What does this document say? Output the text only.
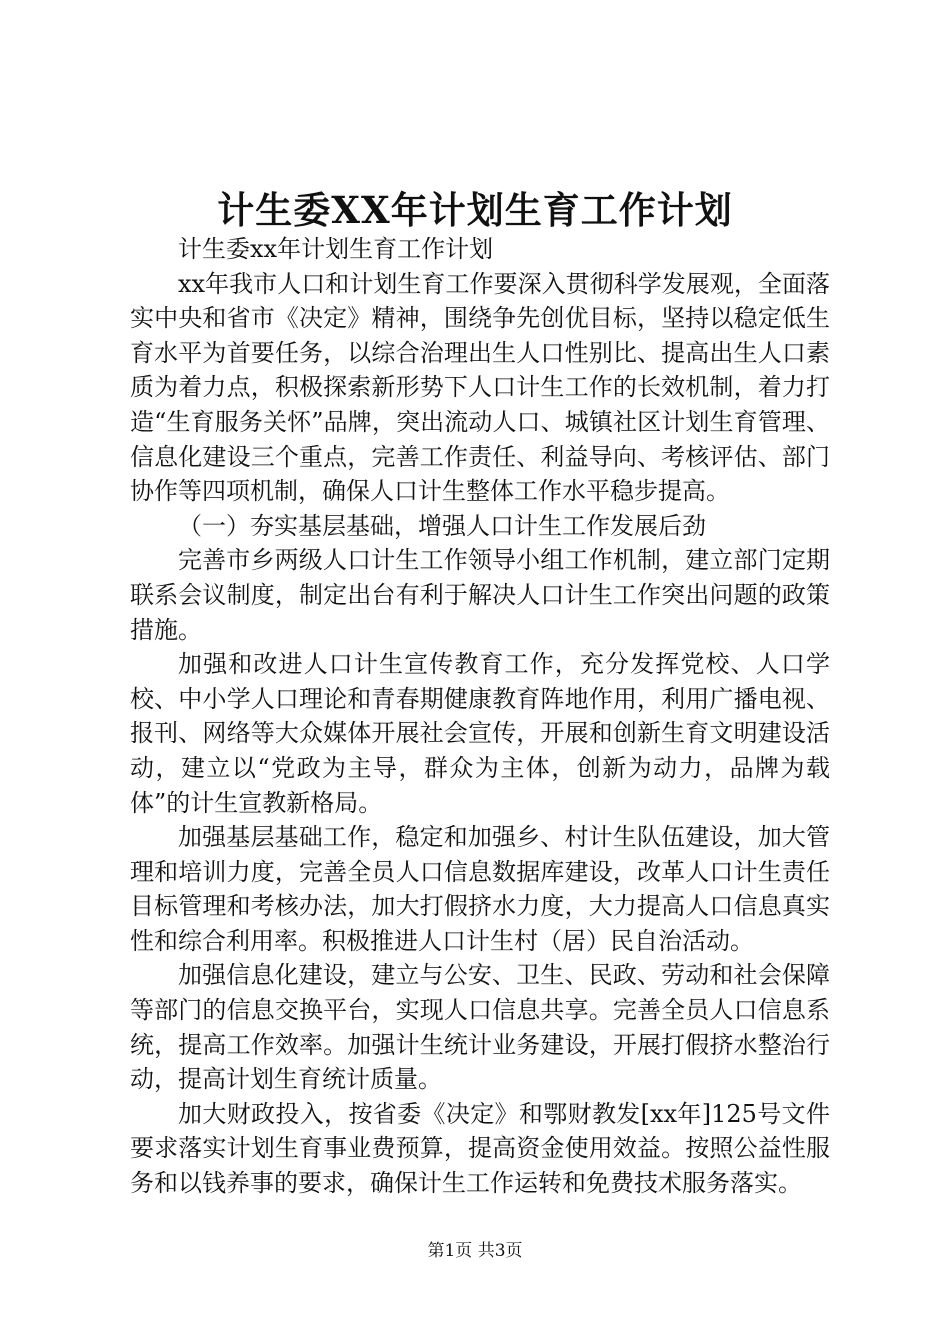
计生委XX年计划生育工作计划

计生委xx年计划生育工作计划

xx年我市人口和计划生育工作要深入贯彻科学发展观，全面落实中央和省市《决定》精神，围绕争先创优目标，坚持以稳定低生育水平为首要任务，以综合治理出生人口性别比、提高出生人口素质为着力点，积极探索新形势下人口计生工作的长效机制，着力打造“生育服务关怀”品牌，突出流动人口、城镇社区计划生育管理、信息化建设三个重点，完善工作责任、利益导向、考核评估、部门协作等四项机制，确保人口计生整体工作水平稳步提高。

（一）夯实基层基础，增强人口计生工作发展后劲

完善市乡两级人口计生工作领导小组工作机制，建立部门定期联系会议制度，制定出台有利于解决人口计生工作突出问题的政策措施。

加强和改进人口计生宣传教育工作，充分发挥党校、人口学校、中小学人口理论和青春期健康教育阵地作用，利用广播电视、报刊、网络等大众媒体开展社会宣传，开展和创新生育文明建设活动，建立以“党政为主导，群众为主体，创新为动力，品牌为载体”的计生宣教新格局。

加强基层基础工作，稳定和加强乡、村计生队伍建设，加大管理和培训力度，完善全员人口信息数据库建设，改革人口计生责任目标管理和考核办法，加大打假挤水力度，大力提高人口信息真实性和综合利用率。积极推进人口计生村（居）民自治活动。

加强信息化建设，建立与公安、卫生、民政、劳动和社会保障等部门的信息交换平台，实现人口信息共享。完善全员人口信息系统，提高工作效率。加强计生统计业务建设，开展打假挤水整治行动，提高计划生育统计质量。

加大财政投入，按省委《决定》和鄂财教发[xx年]125号文件要求落实计划生育事业费预算，提高资金使用效益。按照公益性服务和以钱养事的要求，确保计生工作运转和免费技术服务落实。

第1页 共3页
